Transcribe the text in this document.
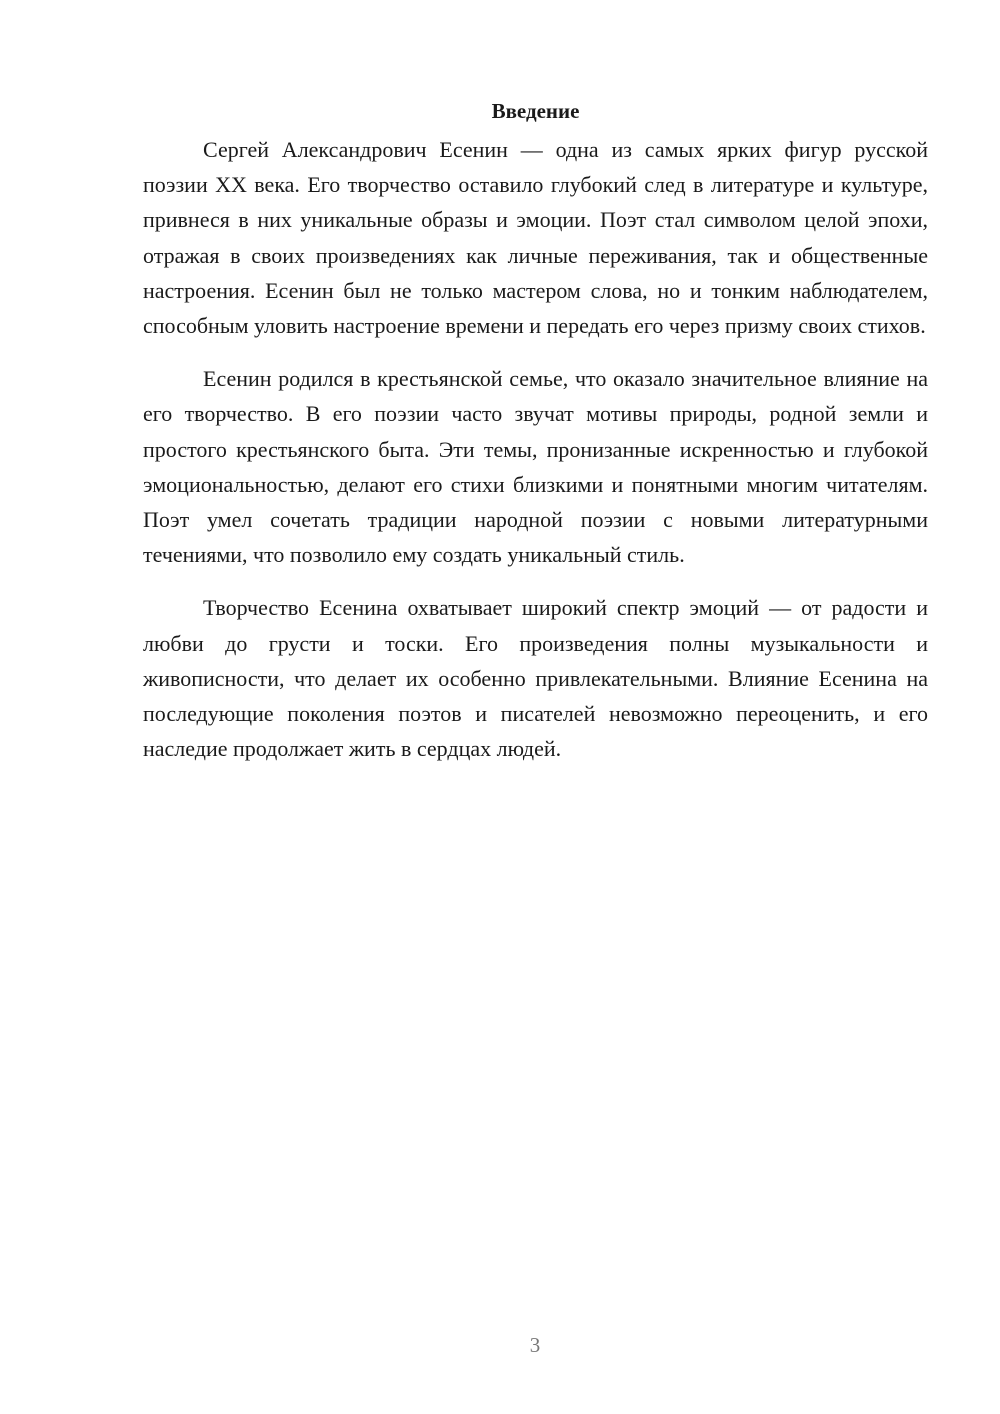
Введение

Сергей Александрович Есенин — одна из самых ярких фигур русской поэзии XX века. Его творчество оставило глубокий след в литературе и культуре, привнеся в них уникальные образы и эмоции. Поэт стал символом целой эпохи, отражая в своих произведениях как личные переживания, так и общественные настроения. Есенин был не только мастером слова, но и тонким наблюдателем, способным уловить настроение времени и передать его через призму своих стихов.

Есенин родился в крестьянской семье, что оказало значительное влияние на его творчество. В его поэзии часто звучат мотивы природы, родной земли и простого крестьянского быта. Эти темы, пронизанные искренностью и глубокой эмоциональностью, делают его стихи близкими и понятными многим читателям. Поэт умел сочетать традиции народной поэзии с новыми литературными течениями, что позволило ему создать уникальный стиль.

Творчество Есенина охватывает широкий спектр эмоций — от радости и любви до грусти и тоски. Его произведения полны музыкальности и живописности, что делает их особенно привлекательными. Влияние Есенина на последующие поколения поэтов и писателей невозможно переоценить, и его наследие продолжает жить в сердцах людей.

3
